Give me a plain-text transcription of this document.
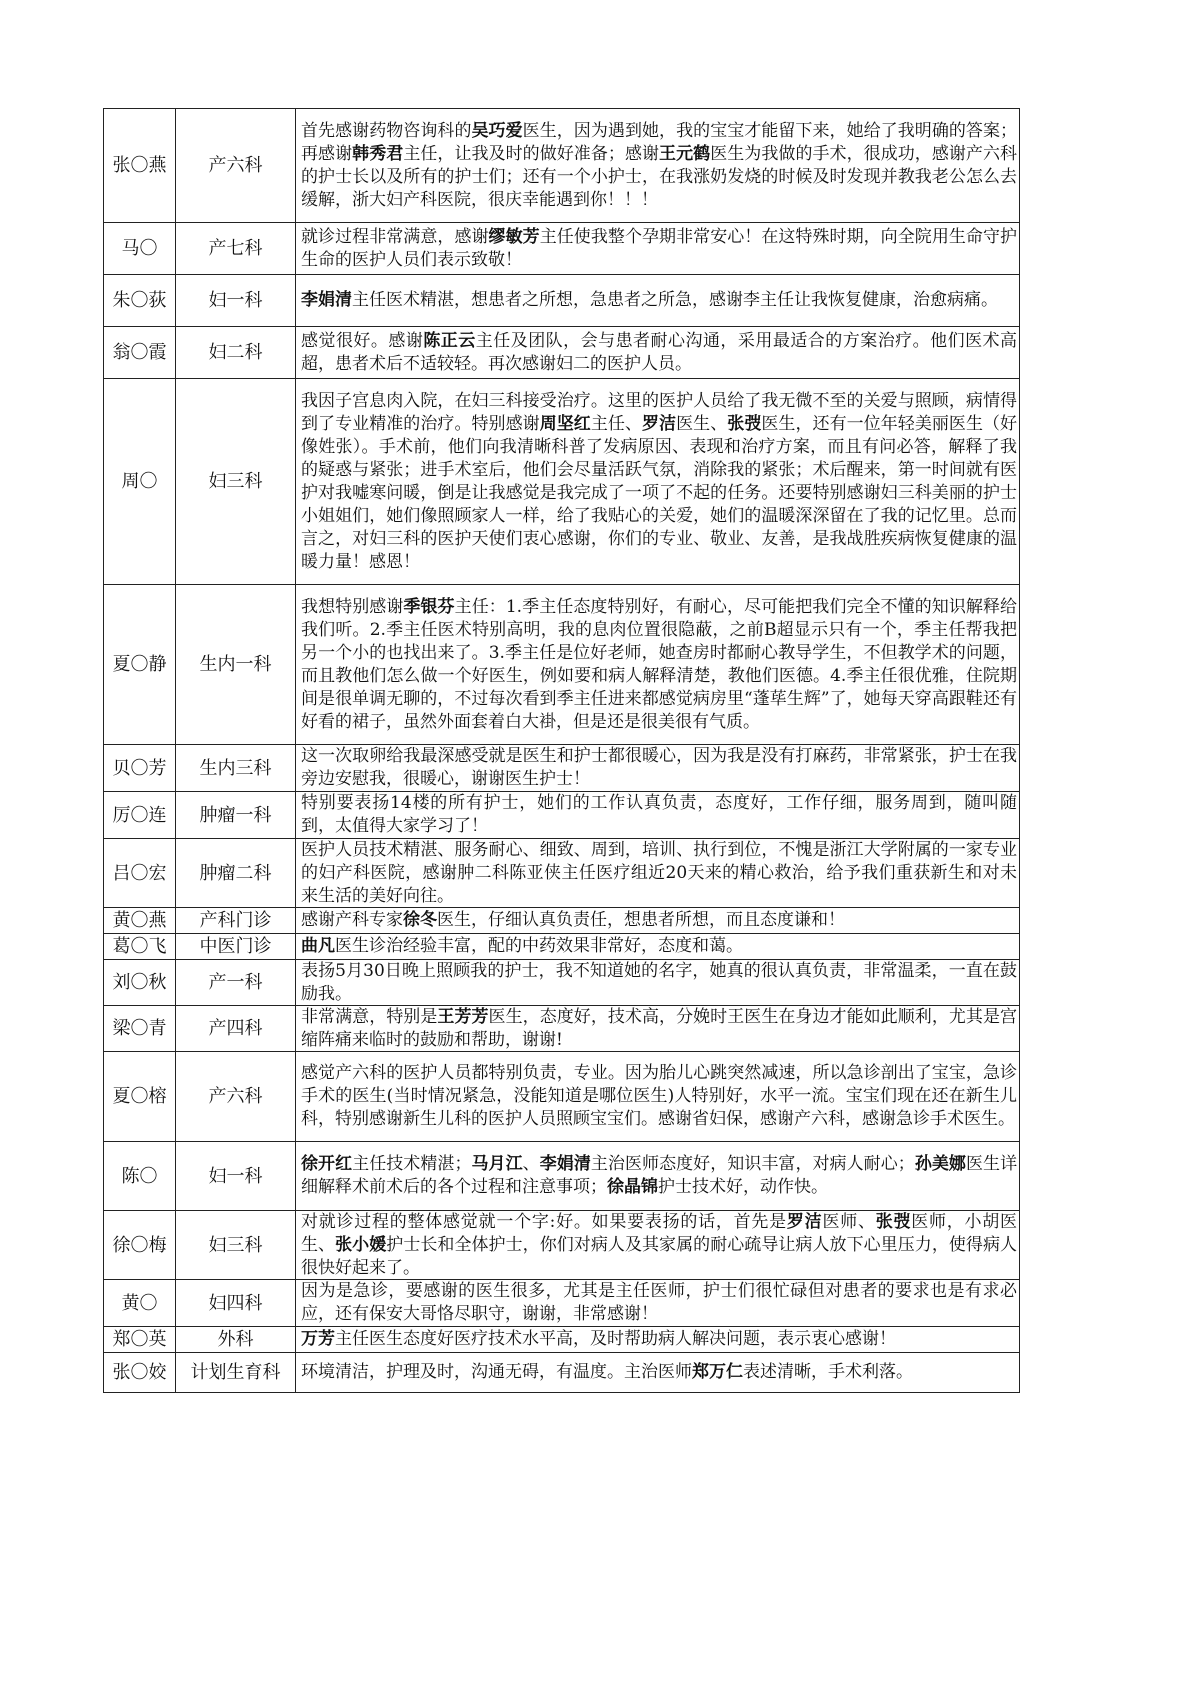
张〇燕	产六科	首先感谢药物咨询科的吴巧爱医生，因为遇到她，我的宝宝才能留下来，她给了我明确的答案；再感谢韩秀君主任，让我及时的做好准备；感谢王元鹤医生为我做的手术，很成功，感谢产六科的护士长以及所有的护士们；还有一个小护士，在我涨奶发烧的时候及时发现并教我老公怎么去缓解，浙大妇产科医院，很庆幸能遇到你！！！

马〇	产七科	就诊过程非常满意，感谢缪敏芳主任使我整个孕期非常安心！在这特殊时期，向全院用生命守护生命的医护人员们表示致敬！

朱〇荻	妇一科	李娟清主任医术精湛，想患者之所想，急患者之所急，感谢李主任让我恢复健康，治愈病痛。

翁〇霞	妇二科	感觉很好。感谢陈正云主任及团队，会与患者耐心沟通，采用最适合的方案治疗。他们医术高超，患者术后不适较轻。再次感谢妇二的医护人员。

周〇	妇三科	我因子宫息肉入院，在妇三科接受治疗。这里的医护人员给了我无微不至的关爱与照顾，病情得到了专业精准的治疗。特别感谢周坚红主任、罗洁医生、张弢医生，还有一位年轻美丽医生（好像姓张）。手术前，他们向我清晰科普了发病原因、表现和治疗方案，而且有问必答，解释了我的疑惑与紧张；进手术室后，他们会尽量活跃气氛，消除我的紧张；术后醒来，第一时间就有医护对我嘘寒问暖，倒是让我感觉是我完成了一项了不起的任务。还要特别感谢妇三科美丽的护士小姐姐们，她们像照顾家人一样，给了我贴心的关爱，她们的温暖深深留在了我的记忆里。总而言之，对妇三科的医护天使们衷心感谢，你们的专业、敬业、友善，是我战胜疾病恢复健康的温暖力量！感恩！

夏〇静	生内一科	我想特别感谢季银芬主任：1.季主任态度特别好，有耐心，尽可能把我们完全不懂的知识解释给我们听。2.季主任医术特别高明，我的息肉位置很隐蔽，之前B超显示只有一个，季主任帮我把另一个小的也找出来了。3.季主任是位好老师，她查房时都耐心教导学生，不但教学术的问题，而且教他们怎么做一个好医生，例如要和病人解释清楚，教他们医德。4.季主任很优雅，住院期间是很单调无聊的，不过每次看到季主任进来都感觉病房里“蓬荜生辉”了，她每天穿高跟鞋还有好看的裙子，虽然外面套着白大褂，但是还是很美很有气质。

贝〇芳	生内三科	这一次取卵给我最深感受就是医生和护士都很暖心，因为我是没有打麻药，非常紧张，护士在我旁边安慰我，很暖心，谢谢医生护士！

厉〇连	肿瘤一科	特别要表扬14楼的所有护士，她们的工作认真负责，态度好，工作仔细，服务周到，随叫随到，太值得大家学习了！

吕〇宏	肿瘤二科	医护人员技术精湛、服务耐心、细致、周到，培训、执行到位，不愧是浙江大学附属的一家专业的妇产科医院，感谢肿二科陈亚侠主任医疗组近20天来的精心救治，给予我们重获新生和对未来生活的美好向往。

黄〇燕	产科门诊	感谢产科专家徐冬医生，仔细认真负责任，想患者所想，而且态度谦和！

葛〇飞	中医门诊	曲凡医生诊治经验丰富，配的中药效果非常好，态度和蔼。

刘〇秋	产一科	表扬5月30日晚上照顾我的护士，我不知道她的名字，她真的很认真负责，非常温柔，一直在鼓励我。

梁〇青	产四科	非常满意，特别是王芳芳医生，态度好，技术高，分娩时王医生在身边才能如此顺利，尤其是宫缩阵痛来临时的鼓励和帮助，谢谢!

夏〇榕	产六科	感觉产六科的医护人员都特别负责，专业。因为胎儿心跳突然减速，所以急诊剖出了宝宝，急诊手术的医生(当时情况紧急，没能知道是哪位医生)人特别好，水平一流。宝宝们现在还在新生儿科，特别感谢新生儿科的医护人员照顾宝宝们。感谢省妇保，感谢产六科，感谢急诊手术医生。

陈〇	妇一科	徐开红主任技术精湛；马月江、李娟清主治医师态度好，知识丰富，对病人耐心；孙美娜医生详细解释术前术后的各个过程和注意事项；徐晶锦护士技术好，动作快。

徐〇梅	妇三科	对就诊过程的整体感觉就一个字:好。如果要表扬的话，首先是罗洁医师、张弢医师，小胡医生、张小媛护士长和全体护士，你们对病人及其家属的耐心疏导让病人放下心里压力，使得病人很快好起来了。

黄〇	妇四科	因为是急诊，要感谢的医生很多，尤其是主任医师，护士们很忙碌但对患者的要求也是有求必应，还有保安大哥恪尽职守，谢谢，非常感谢！

郑〇英	外科	万芳主任医生态度好医疗技术水平高，及时帮助病人解决问题，表示衷心感谢！

张〇姣	计划生育科	环境清洁，护理及时，沟通无碍，有温度。主治医师郑万仁表述清晰，手术利落。
